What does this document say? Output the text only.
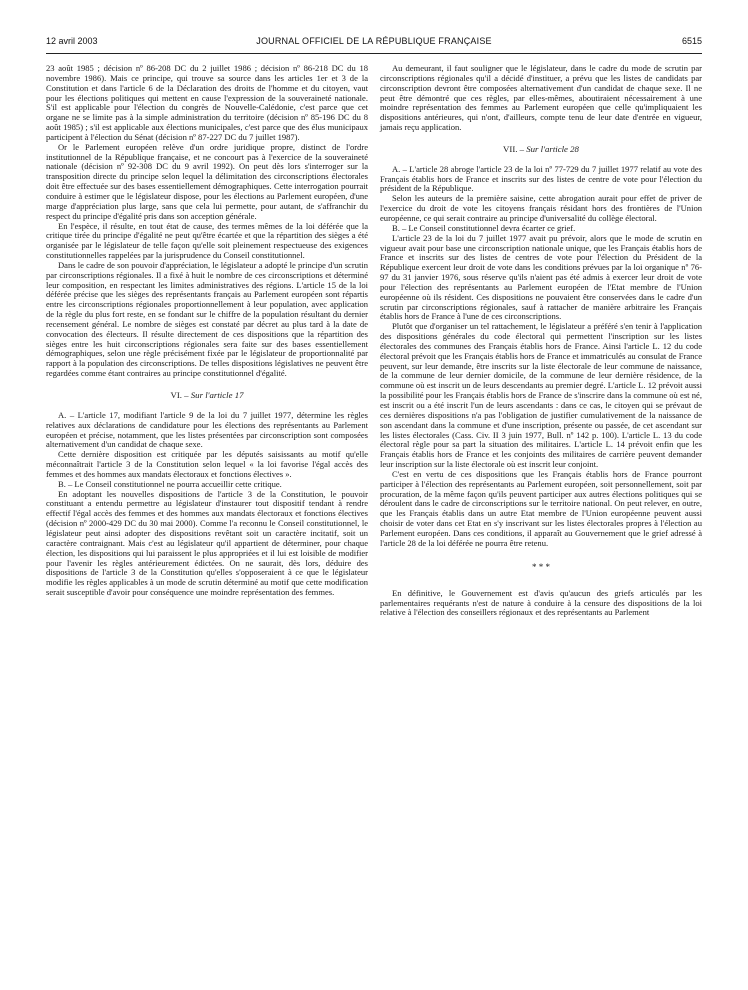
12 avril 2003	JOURNAL OFFICIEL DE LA RÉPUBLIQUE FRANÇAISE	6515

23 août 1985 ; décision nº 86-208 DC du 2 juillet 1986 ; décision nº 86-218 DC du 18 novembre 1986). Mais ce principe, qui trouve sa source dans les articles 1er et 3 de la Constitution et dans l'article 6 de la Déclaration des droits de l'homme et du citoyen, vaut pour les élections politiques qui mettent en cause l'expression de la souveraineté nationale. S'il est applicable pour l'élection du congrès de Nouvelle-Calédonie, c'est parce que cet organe ne se limite pas à la simple administration du territoire (décision nº 85-196 DC du 8 août 1985) ; s'il est applicable aux élections municipales, c'est parce que des élus municipaux participent à l'élection du Sénat (décision nº 87-227 DC du 7 juillet 1987).

Or le Parlement européen relève d'un ordre juridique propre, distinct de l'ordre institutionnel de la République française, et ne concourt pas à l'exercice de la souveraineté nationale (décision nº 92-308 DC du 9 avril 1992). On peut dès lors s'interroger sur la transposition directe du principe selon lequel la délimitation des circonscriptions électorales doit être effectuée sur des bases essentiellement démographiques. Cette interrogation pourrait conduire à estimer que le législateur dispose, pour les élections au Parlement européen, d'une marge d'appréciation plus large, sans que cela lui permette, pour autant, de s'affranchir du respect du principe d'égalité pris dans son acception générale.

En l'espèce, il résulte, en tout état de cause, des termes mêmes de la loi déférée que la critique tirée du principe d'égalité ne peut qu'être écartée et que la répartition des sièges a été organisée par le législateur de telle façon qu'elle soit pleinement respectueuse des exigences constitutionnelles rappelées par la jurisprudence du Conseil constitutionnel.

Dans le cadre de son pouvoir d'appréciation, le législateur a adopté le principe d'un scrutin par circonscriptions régionales. Il a fixé à huit le nombre de ces circonscriptions et déterminé leur composition, en respectant les limites administratives des régions. L'article 15 de la loi déférée précise que les sièges des représentants français au Parlement européen sont répartis entre les circonscriptions régionales proportionnellement à leur population, avec application de la règle du plus fort reste, en se fondant sur le chiffre de la population résultant du dernier recensement général. Le nombre de sièges est constaté par décret au plus tard à la date de convocation des électeurs. Il résulte directement de ces dispositions que la répartition des sièges entre les huit circonscriptions régionales sera faite sur des bases essentiellement démographiques, selon une règle précisément fixée par le législateur de proportionnalité par rapport à la population des circonscriptions. De telles dispositions législatives ne peuvent être regardées comme étant contraires au principe constitutionnel d'égalité.

VI. – Sur l'article 17

A. – L'article 17, modifiant l'article 9 de la loi du 7 juillet 1977, détermine les règles relatives aux déclarations de candidature pour les élections des représentants au Parlement européen et précise, notamment, que les listes présentées par circonscription sont composées alternativement d'un candidat de chaque sexe.

Cette dernière disposition est critiquée par les députés saisissants au motif qu'elle méconnaîtrait l'article 3 de la Constitution selon lequel « la loi favorise l'égal accès des femmes et des hommes aux mandats électoraux et fonctions électives ».

B. – Le Conseil constitutionnel ne pourra accueillir cette critique.

En adoptant les nouvelles dispositions de l'article 3 de la Constitution, le pouvoir constituant a entendu permettre au législateur d'instaurer tout dispositif tendant à rendre effectif l'égal accès des femmes et des hommes aux mandats électoraux et fonctions électives (décision nº 2000-429 DC du 30 mai 2000). Comme l'a reconnu le Conseil constitutionnel, le législateur peut ainsi adopter des dispositions revêtant soit un caractère incitatif, soit un caractère contraignant. Mais c'est au législateur qu'il appartient de déterminer, pour chaque élection, les dispositions qui lui paraissent le plus appropriées et il lui est loisible de modifier pour l'avenir les règles antérieurement édictées. On ne saurait, dès lors, déduire des dispositions de l'article 3 de la Constitution qu'elles s'opposeraient à ce que le législateur modifie les règles applicables à un mode de scrutin déterminé au motif que cette modification serait susceptible d'avoir pour conséquence une moindre représentation des femmes.

Au demeurant, il faut souligner que le législateur, dans le cadre du mode de scrutin par circonscriptions régionales qu'il a décidé d'instituer, a prévu que les listes de candidats par circonscription devront être composées alternativement d'un candidat de chaque sexe. Il ne peut être démontré que ces règles, par elles-mêmes, aboutiraient nécessairement à une moindre représentation des femmes au Parlement européen que celle qu'impliquaient les dispositions antérieures, qui n'ont, d'ailleurs, compte tenu de leur date d'entrée en vigueur, jamais reçu application.

VII. – Sur l'article 28

A. – L'article 28 abroge l'article 23 de la loi nº 77-729 du 7 juillet 1977 relatif au vote des Français établis hors de France et inscrits sur des listes de centre de vote pour l'élection du président de la République.

Selon les auteurs de la première saisine, cette abrogation aurait pour effet de priver de l'exercice du droit de vote les citoyens français résidant hors des frontières de l'Union européenne, ce qui serait contraire au principe d'universalité du collège électoral.

B. – Le Conseil constitutionnel devra écarter ce grief.

L'article 23 de la loi du 7 juillet 1977 avait pu prévoir, alors que le mode de scrutin en vigueur avait pour base une circonscription nationale unique, que les Français établis hors de France et inscrits sur des listes de centres de vote pour l'élection du Président de la République exercent leur droit de vote dans les conditions prévues par la loi organique nº 76-97 du 31 janvier 1976, sous réserve qu'ils n'aient pas été admis à exercer leur droit de vote pour l'élection des représentants au Parlement européen de l'Etat membre de l'Union européenne où ils résident. Ces dispositions ne pouvaient être conservées dans le cadre d'un scrutin par circonscriptions régionales, sauf à rattacher de manière arbitraire les Français établis hors de France à l'une de ces circonscriptions.

Plutôt que d'organiser un tel rattachement, le législateur a préféré s'en tenir à l'application des dispositions générales du code électoral qui permettent l'inscription sur les listes électorales des communes des Français établis hors de France. Ainsi l'article L. 12 du code électoral prévoit que les Français établis hors de France et immatriculés au consulat de France peuvent, sur leur demande, être inscrits sur la liste électorale de leur commune de naissance, de la commune de leur dernier domicile, de la commune de leur dernière résidence, de la commune où est inscrit un de leurs descendants au premier degré. L'article L. 12 prévoit aussi la possibilité pour les Français établis hors de France de s'inscrire dans la commune où est né, est inscrit ou a été inscrit l'un de leurs ascendants : dans ce cas, le citoyen qui se prévaut de ces dernières dispositions n'a pas l'obligation de justifier cumulativement de la naissance de son ascendant dans la commune et d'une inscription, présente ou passée, de cet ascendant sur les listes électorales (Cass. Civ. II 3 juin 1977, Bull. nº 142 p. 100). L'article L. 13 du code électoral règle pour sa part la situation des militaires. L'article L. 14 prévoit enfin que les Français établis hors de France et les conjoints des militaires de carrière peuvent demander leur inscription sur la liste électorale où est inscrit leur conjoint.

C'est en vertu de ces dispositions que les Français établis hors de France pourront participer à l'élection des représentants au Parlement européen, soit personnellement, soit par procuration, de la même façon qu'ils peuvent participer aux autres élections politiques qui se déroulent dans le cadre de circonscriptions sur le territoire national. On peut relever, en outre, que les Français établis dans un autre Etat membre de l'Union européenne peuvent aussi choisir de voter dans cet Etat en s'y inscrivant sur les listes électorales propres à l'élection au Parlement européen. Dans ces conditions, il apparaît au Gouvernement que le grief adressé à l'article 28 de la loi déférée ne pourra être retenu.

* * *

En définitive, le Gouvernement est d'avis qu'aucun des griefs articulés par les parlementaires requérants n'est de nature à conduire à la censure des dispositions de la loi relative à l'élection des conseillers régionaux et des représentants au Parlement
